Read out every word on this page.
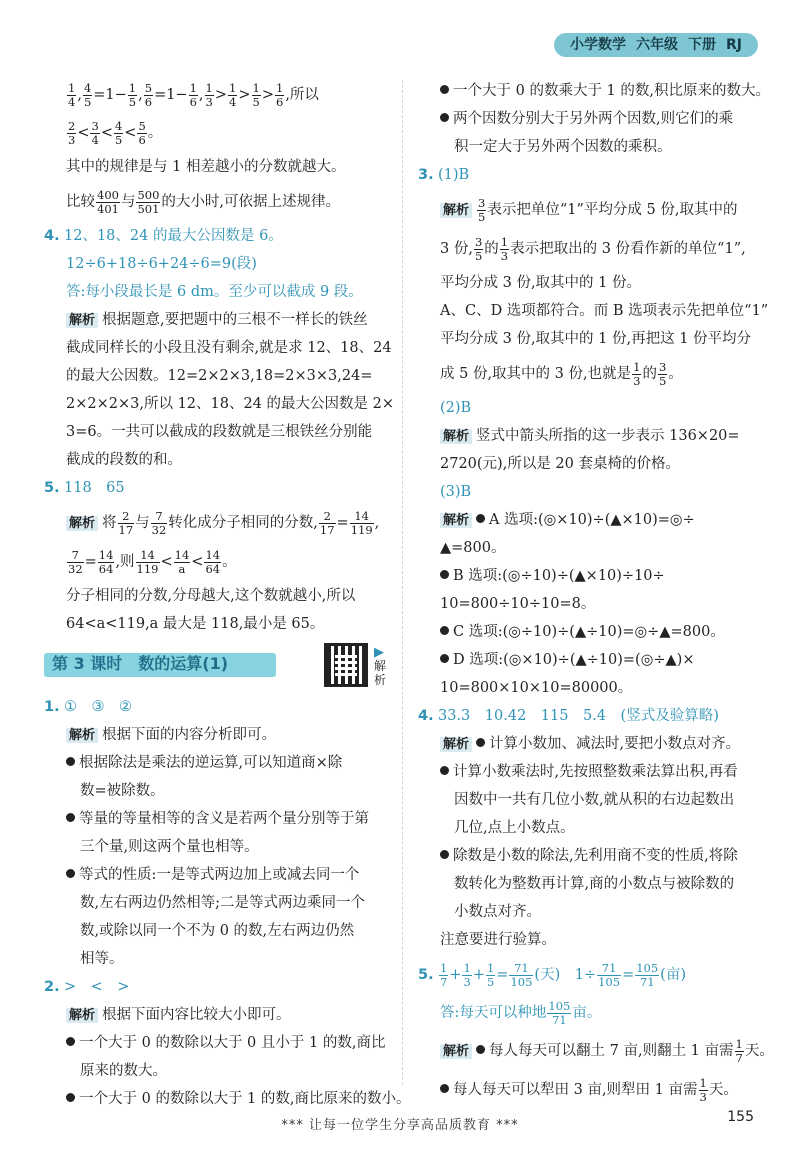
小学数学 六年级 下册 RJ
$\frac{1}{4}$ , $\frac{4}{5} =1- \frac{1}{5}$ , $\frac{5}{6} =1- \frac{1}{6}$ , $\frac{1}{3} > \frac{1}{4} > \frac{1}{5} > \frac{1}{6}$ ,所以
$\frac{2}{3} < \frac{3}{4} < \frac{4}{5} < \frac{5}{6}$ 。
其中的规律是与 1 相差越小的分数就越大。
比较 $\frac{400}{401}$ 与 $\frac{500}{501}$ 的大小时,可依据上述规律。
4. 12、18、24 的最大公因数是 6。
12÷6+18÷6+24÷6=9(段)
答:每小段最长是 6 dm。至少可以截成 9 段。
解析 根据题意,要把题中的三根不一样长的铁丝
截成同样长的小段且没有剩余,就是求 12、18、24
的最大公因数。12=2×2×3,18=2×3×3,24=
2×2×2×3,所以 12、18、24 的最大公因数是 2×
3=6。一共可以截成的段数就是三根铁丝分别能
截成的段数的和。
5. 118　65
解析 将 $\frac{2}{17}$ 与 $\frac{7}{32}$ 转化成分子相同的分数, $\frac{2}{17} = \frac{14}{119}$ ,
$\frac{7}{32} = \frac{14}{64}$ ,则 $\frac{14}{119} < \frac{14}{a} < \frac{14}{64}$ 。
分子相同的分数,分母越大,这个数就越小,所以
64<a<119,a 最大是 118,最小是 65。
第 3 课时　数的运算(1)
▶
解析
1. ①　③　②
解析 根据下面的内容分析即可。
根据除法是乘法的逆运算,可以知道商×除
数=被除数。
等量的等量相等的含义是若两个量分别等于第
三个量,则这两个量也相等。
等式的性质:一是等式两边加上或减去同一个
数,左右两边仍然相等;二是等式两边乘同一个
数,或除以同一个不为 0 的数,左右两边仍然
相等。
2. >　<　>
解析 根据下面内容比较大小即可。
一个大于 0 的数除以大于 0 且小于 1 的数,商比
原来的数大。
一个大于 0 的数除以大于 1 的数,商比原来的数小。
一个大于 0 的数乘大于 1 的数,积比原来的数大。
两个因数分别大于另外两个因数,则它们的乘
积一定大于另外两个因数的乘积。
3. (1)B
解析 $\frac{3}{5}$ 表示把单位“1”平均分成 5 份,取其中的
3 份, $\frac{3}{5}$ 的 $\frac{1}{3}$ 表示把取出的 3 份看作新的单位“1”,
平均分成 3 份,取其中的 1 份。
A、C、D 选项都符合。而 B 选项表示先把单位“1”
平均分成 3 份,取其中的 1 份,再把这 1 份平均分
成 5 份,取其中的 3 份,也就是 $\frac{1}{3}$ 的 $\frac{3}{5}$ 。
(2)B
解析 竖式中箭头所指的这一步表示 136×20=
2720(元),所以是 20 套桌椅的价格。
(3)B
解析 A 选项:(◎×10)÷(▲×10)=◎÷
▲=800。
B 选项:(◎÷10)÷(▲×10)÷10÷
10=800÷10÷10=8。
C 选项:(◎÷10)÷(▲÷10)=◎÷▲=800。
D 选项:(◎×10)÷(▲÷10)=(◎÷▲)×
10=800×10×10=80000。
4. 33.3　10.42　115　5.4　(竖式及验算略)
解析 计算小数加、减法时,要把小数点对齐。
计算小数乘法时,先按照整数乘法算出积,再看
因数中一共有几位小数,就从积的右边起数出
几位,点上小数点。
除数是小数的除法,先利用商不变的性质,将除
数转化为整数再计算,商的小数点与被除数的
小数点对齐。
注意要进行验算。
5. $\frac{1}{7} + \frac{1}{3} + \frac{1}{5} = \frac{71}{105}$ (天)　$1\div \frac{71}{105} = \frac{105}{71}$ (亩)
答:每天可以种地 $\frac{105}{71}$ 亩。
解析 每人每天可以翻土 7 亩,则翻土 1 亩需 $\frac{1}{7}$ 天。
每人每天可以犁田 3 亩,则犁田 1 亩需 $\frac{1}{3}$ 天。
*** 让每一位学生分享高品质教育 ***
155
